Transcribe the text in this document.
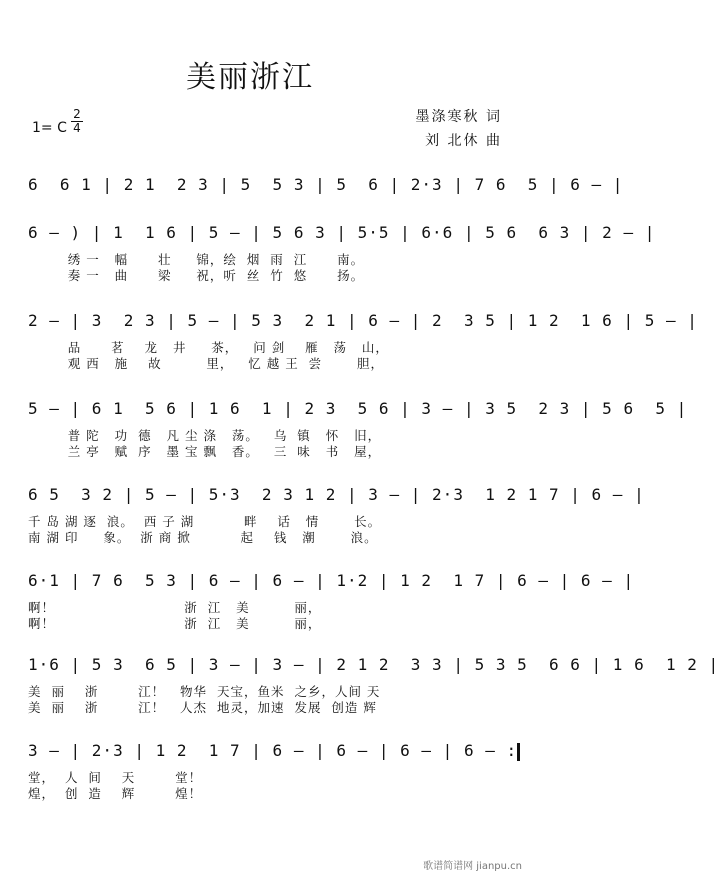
美丽浙江
1= C
2
4
墨涤寒秋 词
刘 北休 曲
6  6 1 | 2 1  2 3 | 5  5 3 | 5  6 | 2·3 | 7 6  5 | 6 – |
6 – ) | 1  1 6 | 5 – | 5 6 3 | 5·5 | 6·6 | 5 6  6 3 | 2 – |
绣 一   幅      壮     锦，绘  烟  雨  江      南。
奏 一   曲      梁     祝，听  丝  竹  悠      扬。
2 – | 3  2 3 | 5 – | 5 3  2 1 | 6 – | 2  3 5 | 1 2  1 6 | 5 – |
品      茗    龙   井     茶，   问 剑    雁   荡   山，
观 西   施    故         里，   忆 越 王  尝       胆，
5 – | 6 1  5 6 | 1 6  1 | 2 3  5 6 | 3 – | 3 5  2 3 | 5 6  5 |
普 陀   功  德   凡 尘 涤   荡。   乌  镇   怀   旧，
兰 亭   赋  序   墨 宝 飘   香。   三  味   书   屋，
6 5  3 2 | 5 – | 5·3  2 3 1 2 | 3 – | 2·3  1 2 1 7 | 6 – |
千 岛 湖 逐  浪。  西 子 湖          畔    话   情       长。
南 湖 印     象。  浙 商 掀          起    钱   潮       浪。
6·1 | 7 6  5 3 | 6 – | 6 – | 1·2 | 1 2  1 7 | 6 – | 6 – |
啊！                          浙  江   美         丽，
啊！                          浙  江   美         丽，
1·6 | 5 3  6 5 | 3 – | 3 – | 2 1 2  3 3 | 5 3 5  6 6 | 1 6  1 2 |
美  丽    浙        江！   物华  天宝，鱼米  之乡，人间 天
美  丽    浙        江！   人杰  地灵，加速  发展  创造 辉
3 – | 2·3 | 1 2  1 7 | 6 – | 6 – | 6 – | 6 – :
堂，  人  间    天        堂！
煌，  创  造    辉        煌！
歌谱简谱网 jianpu.cn
